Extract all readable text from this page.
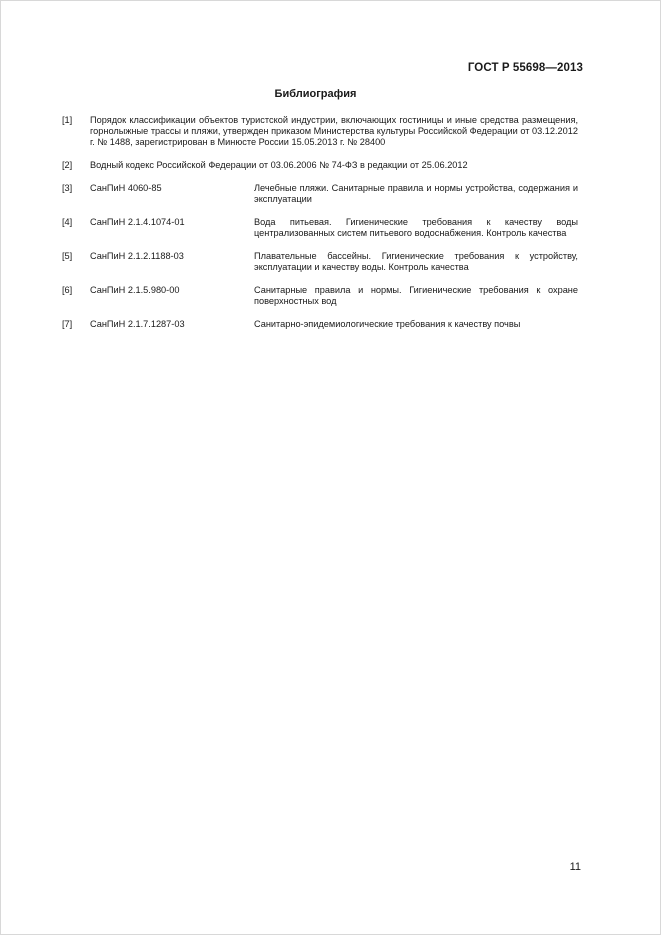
ГОСТ Р 55698—2013
Библиография
[1] Порядок классификации объектов туристской индустрии, включающих гостиницы и иные средства размещения, горнолыжные трассы и пляжи, утвержден приказом Министерства культуры Российской Федерации от 03.12.2012 г. № 1488, зарегистрирован в Минюсте России 15.05.2013 г. № 28400
[2] Водный кодекс Российской Федерации от 03.06.2006 № 74-ФЗ в редакции от 25.06.2012
[3] СанПиН 4060-85	Лечебные пляжи. Санитарные правила и нормы устройства, содержания и эксплуатации
[4] СанПиН 2.1.4.1074-01	Вода питьевая. Гигиенические требования к качеству воды централизованных систем питьевого водоснабжения. Контроль качества
[5] СанПиН 2.1.2.1188-03	Плавательные бассейны. Гигиенические требования к устройству, эксплуатации и качеству воды. Контроль качества
[6] СанПиН 2.1.5.980-00	Санитарные правила и нормы. Гигиенические требования к охране поверхностных вод
[7] СанПиН 2.1.7.1287-03	Санитарно-эпидемиологические требования к качеству почвы
11
